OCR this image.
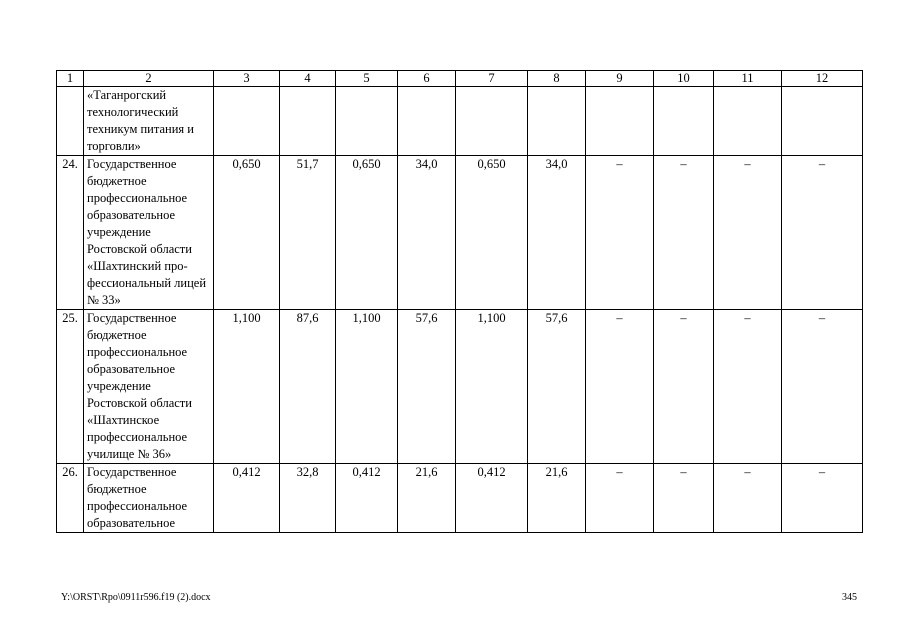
1	2	3	4	5	6	7	8	9	10	11	12
	«Таганрогский технологический техникум питания и торговли»										
24.	Государственное бюджетное профессиональное образовательное учреждение Ростовской области «Шахтинский профессиональный лицей № 33»	0,650	51,7	0,650	34,0	0,650	34,0	–	–	–	–
25.	Государственное бюджетное профессиональное образовательное учреждение Ростовской области «Шахтинское профессиональное училище № 36»	1,100	87,6	1,100	57,6	1,100	57,6	–	–	–	–
26.	Государственное бюджетное профессиональное образовательное	0,412	32,8	0,412	21,6	0,412	21,6	–	–	–	–
Y:\ORST\Rpo\0911r596.f19 (2).docx	345
